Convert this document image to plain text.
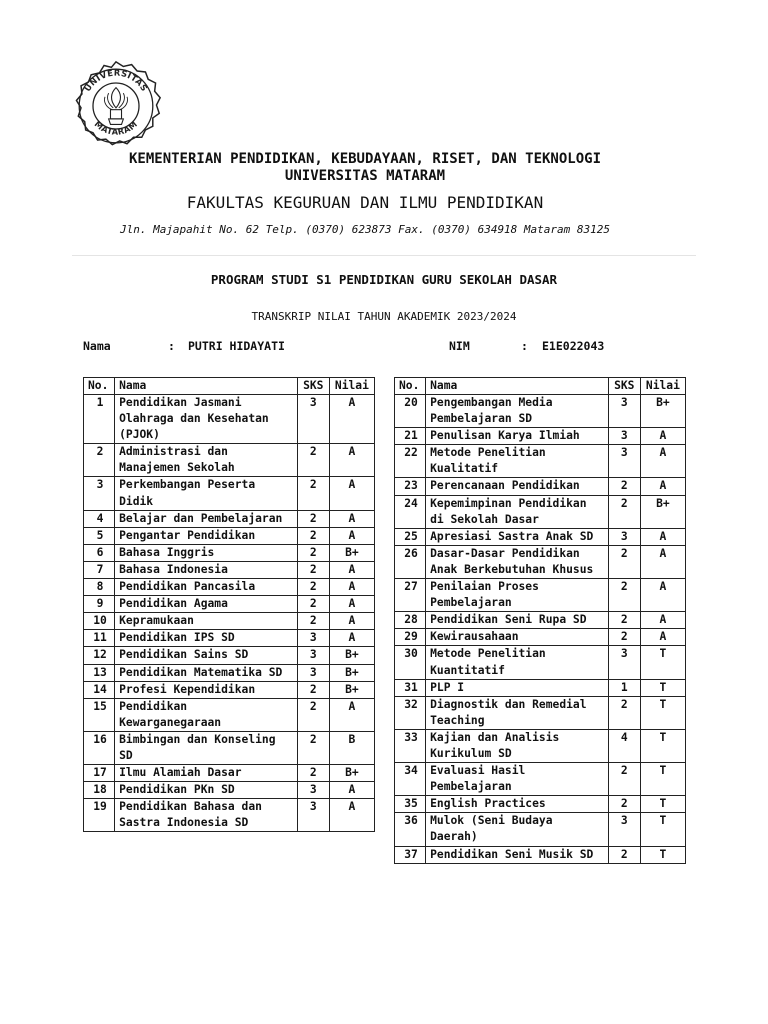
UNIVERSITAS
MATARAM
KEMENTERIAN PENDIDIKAN, KEBUDAYAAN, RISET, DAN TEKNOLOGI
UNIVERSITAS MATARAM
FAKULTAS KEGURUAN DAN ILMU PENDIDIKAN
Jln. Majapahit No. 62 Telp. (0370) 623873 Fax. (0370) 634918 Mataram 83125
PROGRAM STUDI S1 PENDIDIKAN GURU SEKOLAH DASAR
TRANSKRIP NILAI TAHUN AKADEMIK 2023/2024
Nama	: PUTRI HIDAYATI	NIM	: E1E022043
No.	Nama	SKS	Nilai
1	Pendidikan Jasmani Olahraga dan Kesehatan (PJOK)	3	A
2	Administrasi dan Manajemen Sekolah	2	A
3	Perkembangan Peserta Didik	2	A
4	Belajar dan Pembelajaran	2	A
5	Pengantar Pendidikan	2	A
6	Bahasa Inggris	2	B+
7	Bahasa Indonesia	2	A
8	Pendidikan Pancasila	2	A
9	Pendidikan Agama	2	A
10	Kepramukaan	2	A
11	Pendidikan IPS SD	3	A
12	Pendidikan Sains SD	3	B+
13	Pendidikan Matematika SD	3	B+
14	Profesi Kependidikan	2	B+
15	Pendidikan Kewarganegaraan	2	A
16	Bimbingan dan Konseling SD	2	B
17	Ilmu Alamiah Dasar	2	B+
18	Pendidikan PKn SD	3	A
19	Pendidikan Bahasa dan Sastra Indonesia SD	3	A
No.	Nama	SKS	Nilai
20	Pengembangan Media Pembelajaran SD	3	B+
21	Penulisan Karya Ilmiah	3	A
22	Metode Penelitian Kualitatif	3	A
23	Perencanaan Pendidikan	2	A
24	Kepemimpinan Pendidikan di Sekolah Dasar	2	B+
25	Apresiasi Sastra Anak SD	3	A
26	Dasar-Dasar Pendidikan Anak Berkebutuhan Khusus	2	A
27	Penilaian Proses Pembelajaran	2	A
28	Pendidikan Seni Rupa SD	2	A
29	Kewirausahaan	2	A
30	Metode Penelitian Kuantitatif	3	T
31	PLP I	1	T
32	Diagnostik dan Remedial Teaching	2	T
33	Kajian dan Analisis Kurikulum SD	4	T
34	Evaluasi Hasil Pembelajaran	2	T
35	English Practices	2	T
36	Mulok (Seni Budaya Daerah)	3	T
37	Pendidikan Seni Musik SD	2	T
